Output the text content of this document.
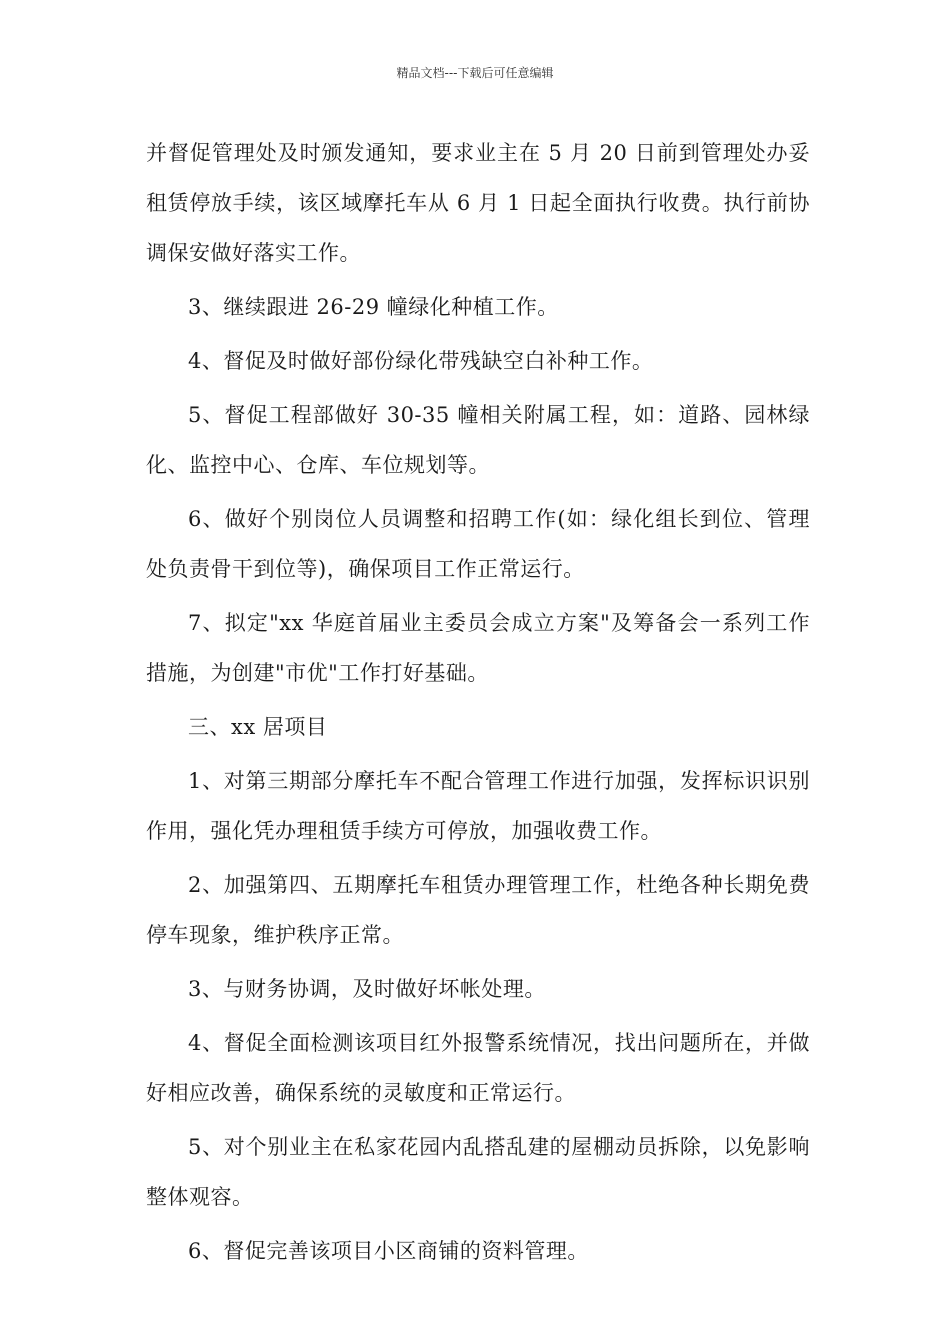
精品文档---下载后可任意编辑

并督促管理处及时颁发通知，要求业主在 5 月 20 日前到管理处办妥租赁停放手续，该区域摩托车从 6 月 1 日起全面执行收费。执行前协调保安做好落实工作。

3、继续跟进 26-29 幢绿化种植工作。

4、督促及时做好部份绿化带残缺空白补种工作。

5、督促工程部做好 30-35 幢相关附属工程，如：道路、园林绿化、监控中心、仓库、车位规划等。

6、做好个别岗位人员调整和招聘工作(如：绿化组长到位、管理处负责骨干到位等)，确保项目工作正常运行。

7、拟定"xx 华庭首届业主委员会成立方案"及筹备会一系列工作措施，为创建"市优"工作打好基础。

三、xx 居项目

1、对第三期部分摩托车不配合管理工作进行加强，发挥标识识别作用，强化凭办理租赁手续方可停放，加强收费工作。

2、加强第四、五期摩托车租赁办理管理工作，杜绝各种长期免费停车现象，维护秩序正常。

3、与财务协调，及时做好坏帐处理。

4、督促全面检测该项目红外报警系统情况，找出问题所在，并做好相应改善，确保系统的灵敏度和正常运行。

5、对个别业主在私家花园内乱搭乱建的屋棚动员拆除，以免影响整体观容。

6、督促完善该项目小区商铺的资料管理。
